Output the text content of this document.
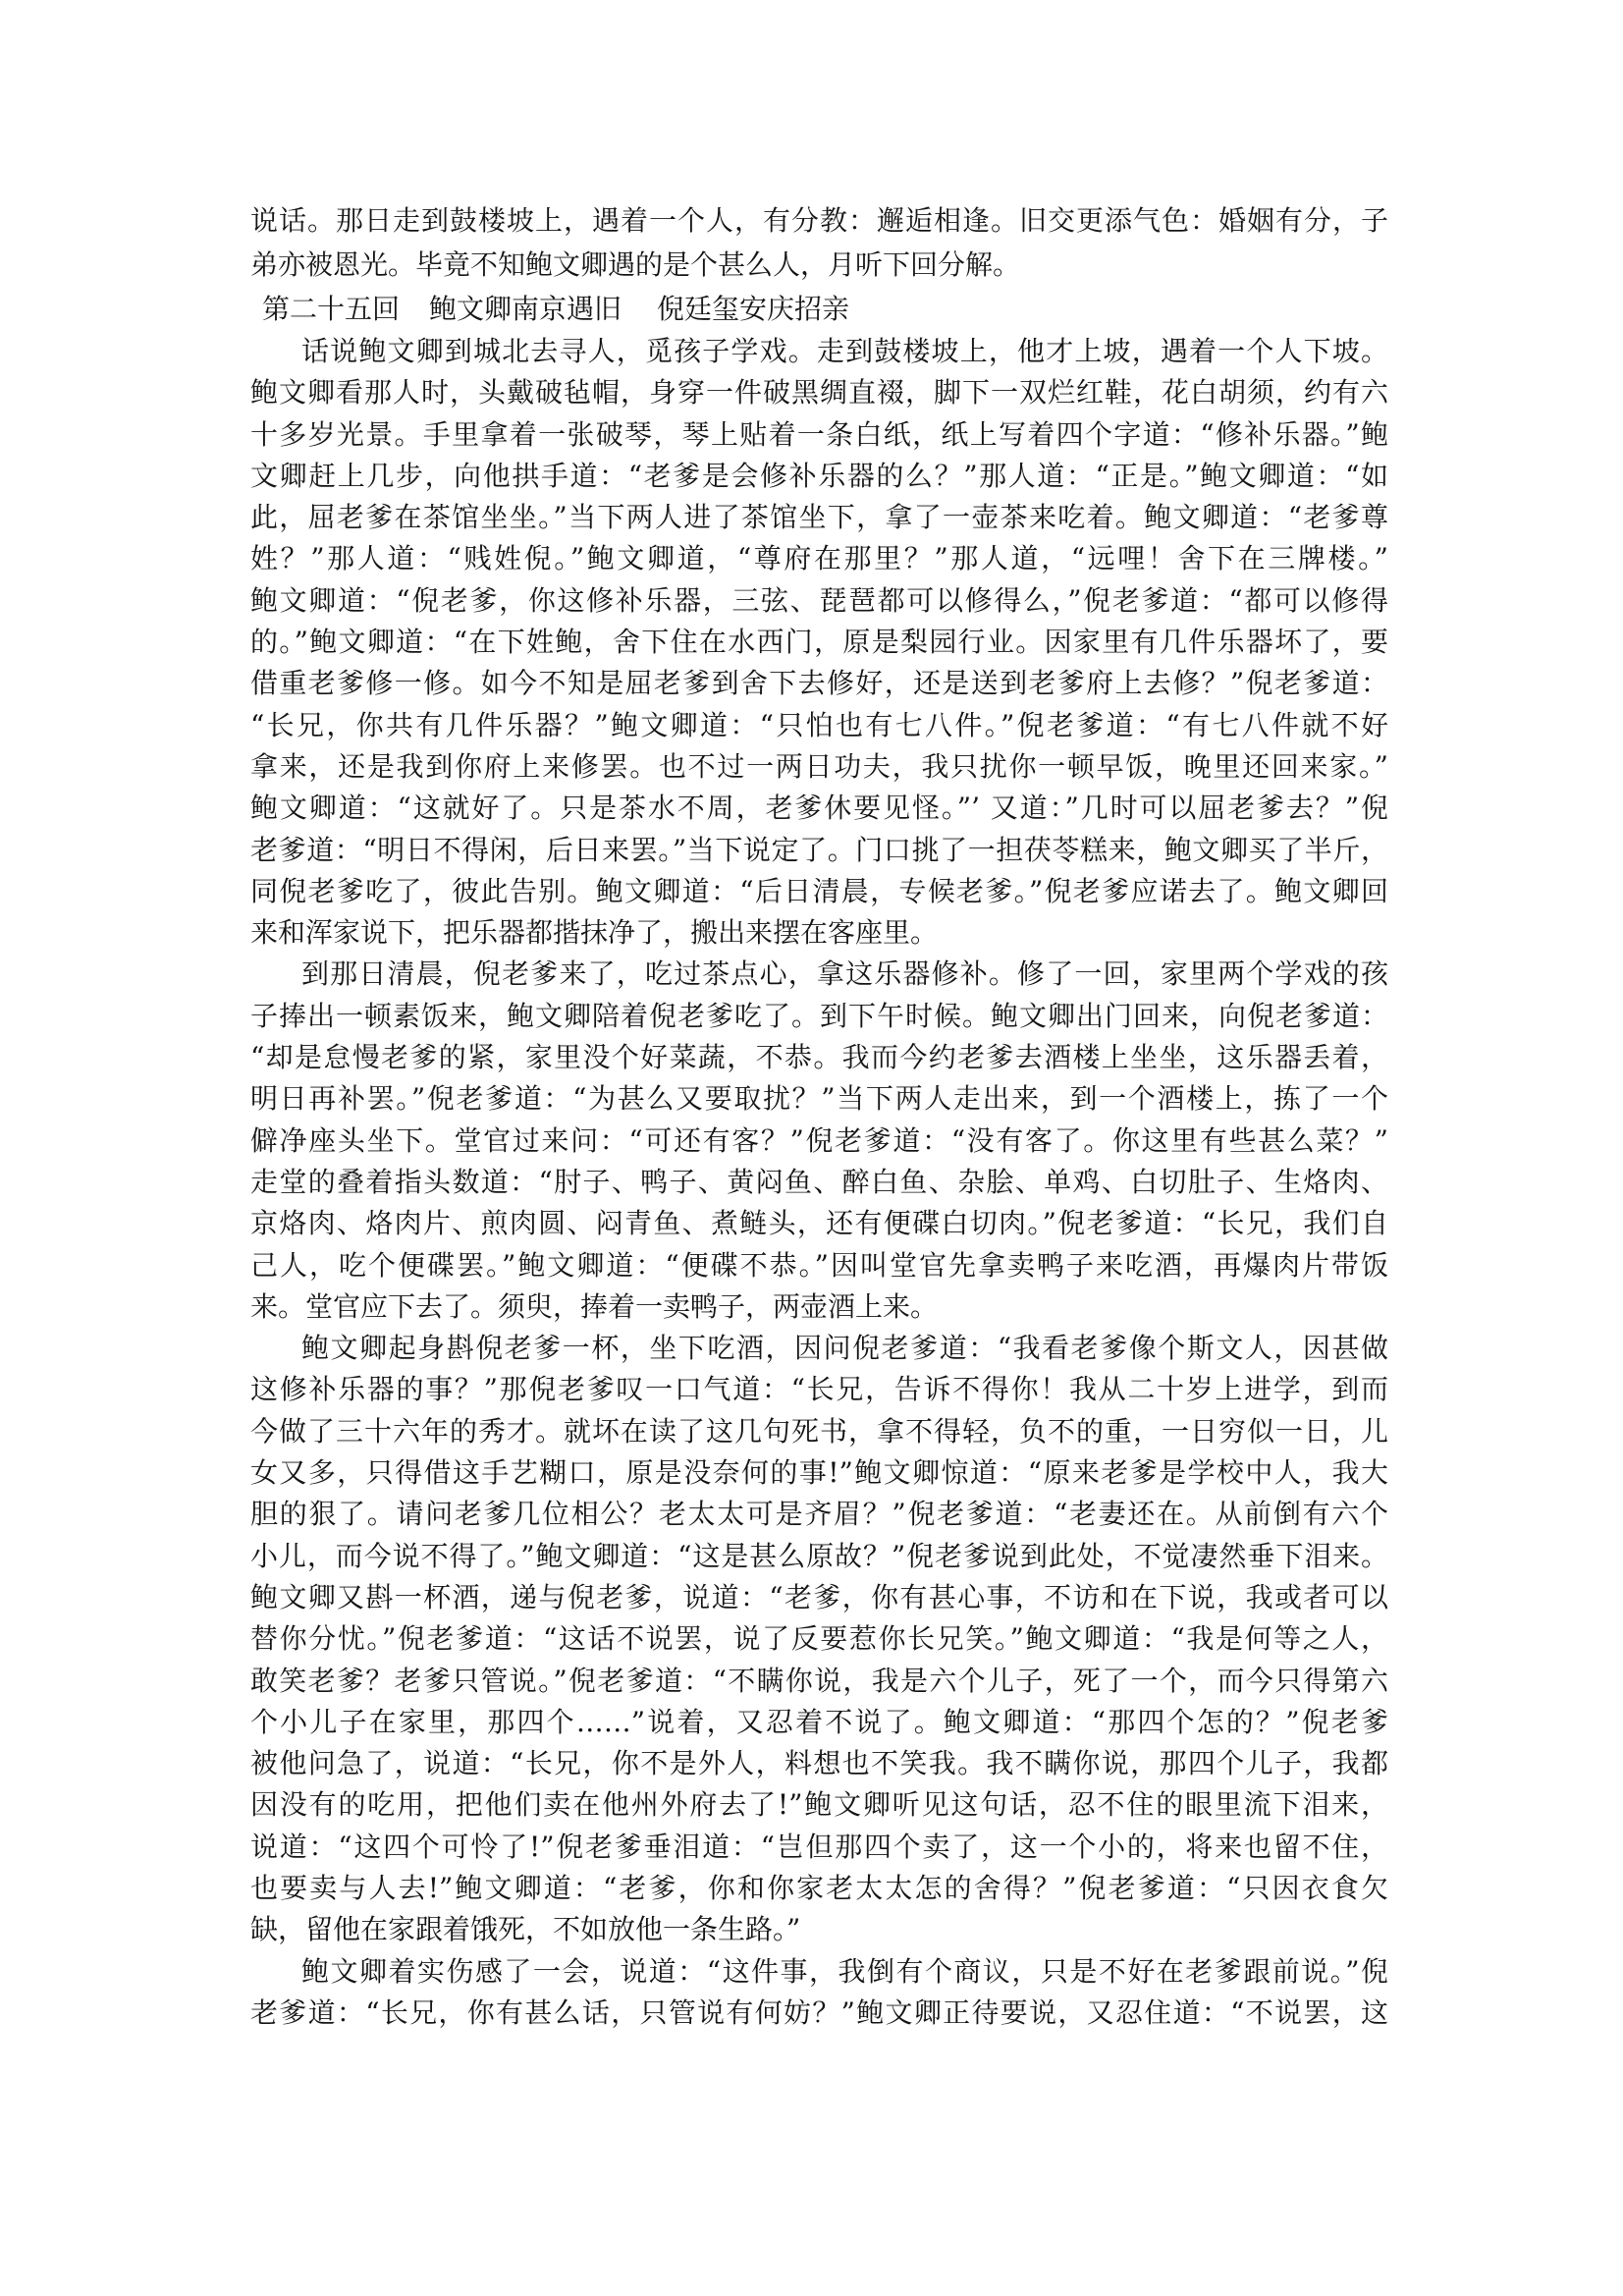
说话。那日走到鼓楼坡上，遇着一个人，有分教：邂逅相逢。旧交更添气色：婚姻有分，子
弟亦被恩光。毕竟不知鲍文卿遇的是个甚么人，月听下回分解。
第二十五回 鲍文卿南京遇旧 倪廷玺安庆招亲
话说鲍文卿到城北去寻人，觅孩子学戏。走到鼓楼坡上，他才上坡，遇着一个人下坡。
鲍文卿看那人时，头戴破毡帽，身穿一件破黑绸直裰，脚下一双烂红鞋，花白胡须，约有六
十多岁光景。手里拿着一张破琴，琴上贴着一条白纸，纸上写着四个字道：“修补乐器。”鲍
文卿赶上几步，向他拱手道：“老爹是会修补乐器的么？”那人道：“正是。”鲍文卿道：“如
此，屈老爹在茶馆坐坐。”当下两人进了茶馆坐下，拿了一壶茶来吃着。鲍文卿道：“老爹尊
姓？”那人道：“贱姓倪。”鲍文卿道，“尊府在那里？”那人道，“远哩！舍下在三牌楼。”
鲍文卿道：“倪老爹，你这修补乐器，三弦、琵琶都可以修得么，”倪老爹道：“都可以修得
的。”鲍文卿道：“在下姓鲍，舍下住在水西门，原是梨园行业。因家里有几件乐器坏了，要
借重老爹修一修。如今不知是屈老爹到舍下去修好，还是送到老爹府上去修？”倪老爹道：
“长兄，你共有几件乐器？”鲍文卿道：“只怕也有七八件。”倪老爹道：“有七八件就不好
拿来，还是我到你府上来修罢。也不过一两日功夫，我只扰你一顿早饭，晚里还回来家。”
鲍文卿道：“这就好了。只是茶水不周，老爹休要见怪。”’ 又道：”几时可以屈老爹去？”倪
老爹道：“明日不得闲，后日来罢。”当下说定了。门口挑了一担茯苓糕来，鲍文卿买了半斤，
同倪老爹吃了，彼此告别。鲍文卿道：“后日清晨，专候老爹。”倪老爹应诺去了。鲍文卿回
来和浑家说下，把乐器都揩抹净了，搬出来摆在客座里。
到那日清晨，倪老爹来了，吃过茶点心，拿这乐器修补。修了一回，家里两个学戏的孩
子捧出一顿素饭来，鲍文卿陪着倪老爹吃了。到下午时候。鲍文卿出门回来，向倪老爹道：
“却是怠慢老爹的紧，家里没个好菜蔬，不恭。我而今约老爹去酒楼上坐坐，这乐器丢着，
明日再补罢。”倪老爹道：“为甚么又要取扰？”当下两人走出来，到一个酒楼上，拣了一个
僻净座头坐下。堂官过来问：“可还有客？”倪老爹道：“没有客了。你这里有些甚么菜？”
走堂的叠着指头数道：“肘子、鸭子、黄闷鱼、醉白鱼、杂脍、单鸡、白切肚子、生烙肉、
京烙肉、烙肉片、煎肉圆、闷青鱼、煮鲢头，还有便碟白切肉。”倪老爹道：“长兄，我们自
己人，吃个便碟罢。”鲍文卿道：“便碟不恭。”因叫堂官先拿卖鸭子来吃酒，再爆肉片带饭
来。堂官应下去了。须臾，捧着一卖鸭子，两壶酒上来。
鲍文卿起身斟倪老爹一杯，坐下吃酒，因问倪老爹道：“我看老爹像个斯文人，因甚做
这修补乐器的事？”那倪老爹叹一口气道：“长兄，告诉不得你！我从二十岁上进学，到而
今做了三十六年的秀才。就坏在读了这几句死书，拿不得轻，负不的重，一日穷似一日，儿
女又多，只得借这手艺糊口，原是没奈何的事!”鲍文卿惊道：“原来老爹是学校中人，我大
胆的狠了。请问老爹几位相公？老太太可是齐眉？”倪老爹道：“老妻还在。从前倒有六个
小儿，而今说不得了。”鲍文卿道：“这是甚么原故？”倪老爹说到此处，不觉凄然垂下泪来。
鲍文卿又斟一杯酒，递与倪老爹，说道：“老爹，你有甚心事，不访和在下说，我或者可以
替你分忧。”倪老爹道：“这话不说罢，说了反要惹你长兄笑。”鲍文卿道：“我是何等之人，
敢笑老爹？老爹只管说。”倪老爹道：“不瞒你说，我是六个儿子，死了一个，而今只得第六
个小儿子在家里，那四个……”说着，又忍着不说了。鲍文卿道：“那四个怎的？”倪老爹
被他问急了，说道：“长兄，你不是外人，料想也不笑我。我不瞒你说，那四个儿子，我都
因没有的吃用，把他们卖在他州外府去了!”鲍文卿听见这句话，忍不住的眼里流下泪来，
说道：“这四个可怜了!”倪老爹垂泪道：“岂但那四个卖了，这一个小的，将来也留不住，
也要卖与人去!”鲍文卿道：“老爹，你和你家老太太怎的舍得？”倪老爹道：“只因衣食欠
缺，留他在家跟着饿死，不如放他一条生路。”
鲍文卿着实伤感了一会，说道：“这件事，我倒有个商议，只是不好在老爹跟前说。”倪
老爹道：“长兄，你有甚么话，只管说有何妨？”鲍文卿正待要说，又忍住道：“不说罢，这
